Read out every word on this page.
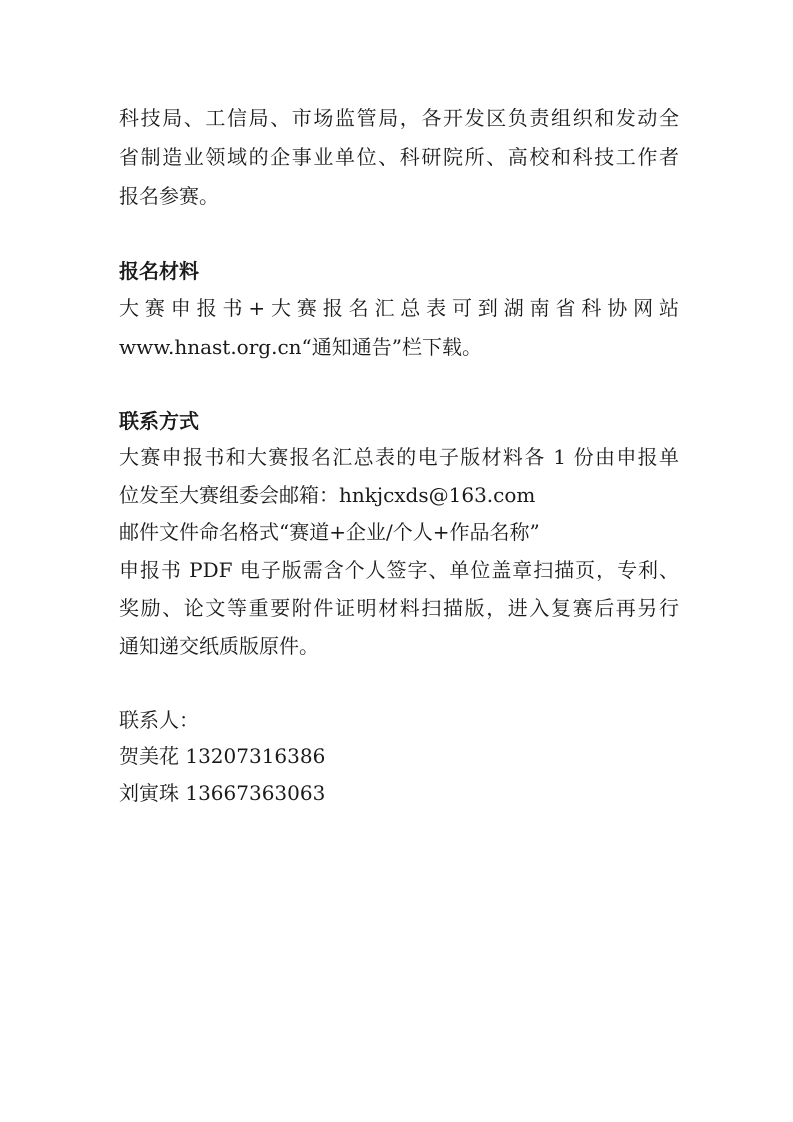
科技局、工信局、市场监管局，各开发区负责组织和发动全
省制造业领域的企事业单位、科研院所、高校和科技工作者
报名参赛。
报名材料
大赛申报书+大赛报名汇总表可到湖南省科协网站
www.hnast.org.cn“通知通告”栏下载。
联系方式
大赛申报书和大赛报名汇总表的电子版材料各 1 份由申报单
位发至大赛组委会邮箱：hnkjcxds@163.com
邮件文件命名格式“赛道+企业/个人+作品名称”
申报书 PDF 电子版需含个人签字、单位盖章扫描页，专利、
奖励、论文等重要附件证明材料扫描版，进入复赛后再另行
通知递交纸质版原件。
联系人：
贺美花 13207316386
刘寅珠 13667363063
